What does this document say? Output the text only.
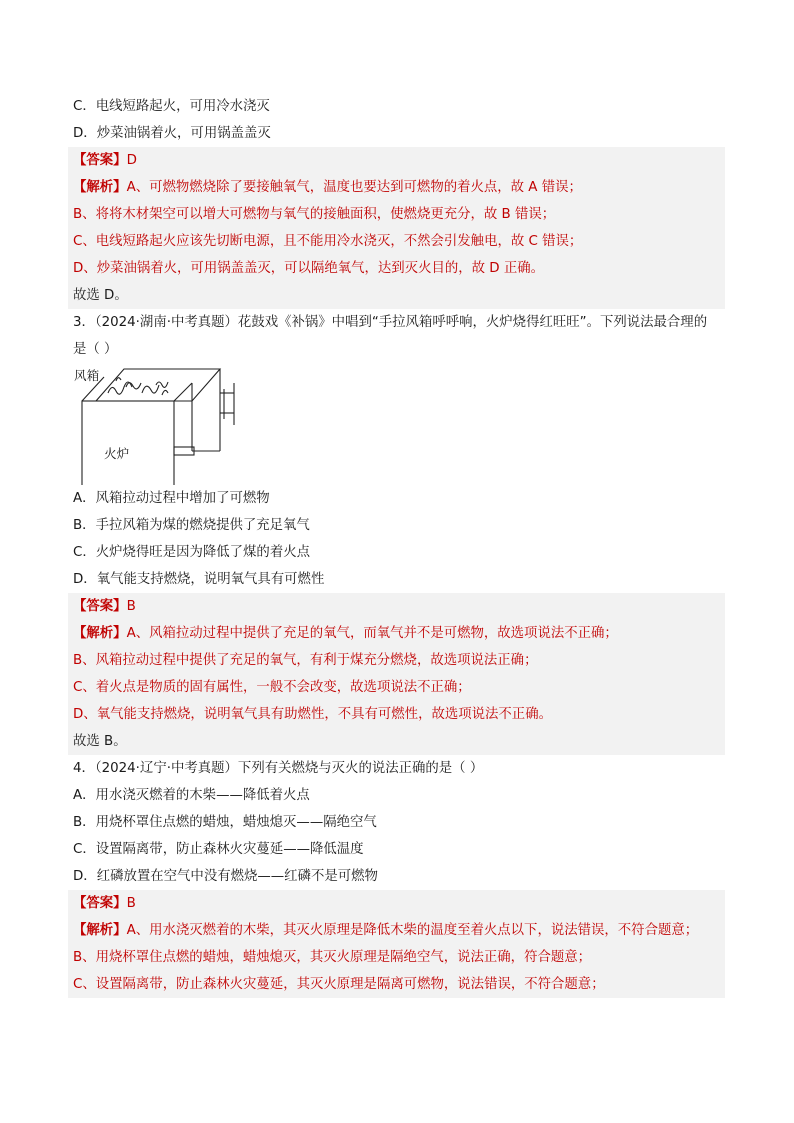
C．电线短路起火，可用冷水浇灭
D．炒菜油锅着火，可用锅盖盖灭
【答案】D
【解析】A、可燃物燃烧除了要接触氧气，温度也要达到可燃物的着火点，故 A 错误；
B、将将木材架空可以增大可燃物与氧气的接触面积，使燃烧更充分，故 B 错误；
C、电线短路起火应该先切断电源，且不能用冷水浇灭，不然会引发触电，故 C 错误；
D、炒菜油锅着火，可用锅盖盖灭，可以隔绝氧气，达到灭火目的，故 D 正确。
故选 D。
3．（2024·湖南·中考真题）花鼓戏《补锅》中唱到“手拉风箱呼呼响，火炉烧得红旺旺”。下列说法最合理的
是（ ）
风箱
火炉
A．风箱拉动过程中增加了可燃物
B．手拉风箱为煤的燃烧提供了充足氧气
C．火炉烧得旺是因为降低了煤的着火点
D．氧气能支持燃烧，说明氧气具有可燃性
【答案】B
【解析】A、风箱拉动过程中提供了充足的氧气，而氧气并不是可燃物，故选项说法不正确；
B、风箱拉动过程中提供了充足的氧气，有利于煤充分燃烧，故选项说法正确；
C、着火点是物质的固有属性，一般不会改变，故选项说法不正确；
D、氧气能支持燃烧，说明氧气具有助燃性，不具有可燃性，故选项说法不正确。
故选 B。
4．（2024·辽宁·中考真题）下列有关燃烧与灭火的说法正确的是（ ）
A．用水浇灭燃着的木柴——降低着火点
B．用烧杯罩住点燃的蜡烛，蜡烛熄灭——隔绝空气
C．设置隔离带，防止森林火灾蔓延——降低温度
D．红磷放置在空气中没有燃烧——红磷不是可燃物
【答案】B
【解析】A、用水浇灭燃着的木柴，其灭火原理是降低木柴的温度至着火点以下，说法错误，不符合题意；
B、用烧杯罩住点燃的蜡烛，蜡烛熄灭，其灭火原理是隔绝空气，说法正确，符合题意；
C、设置隔离带，防止森林火灾蔓延，其灭火原理是隔离可燃物，说法错误，不符合题意；
